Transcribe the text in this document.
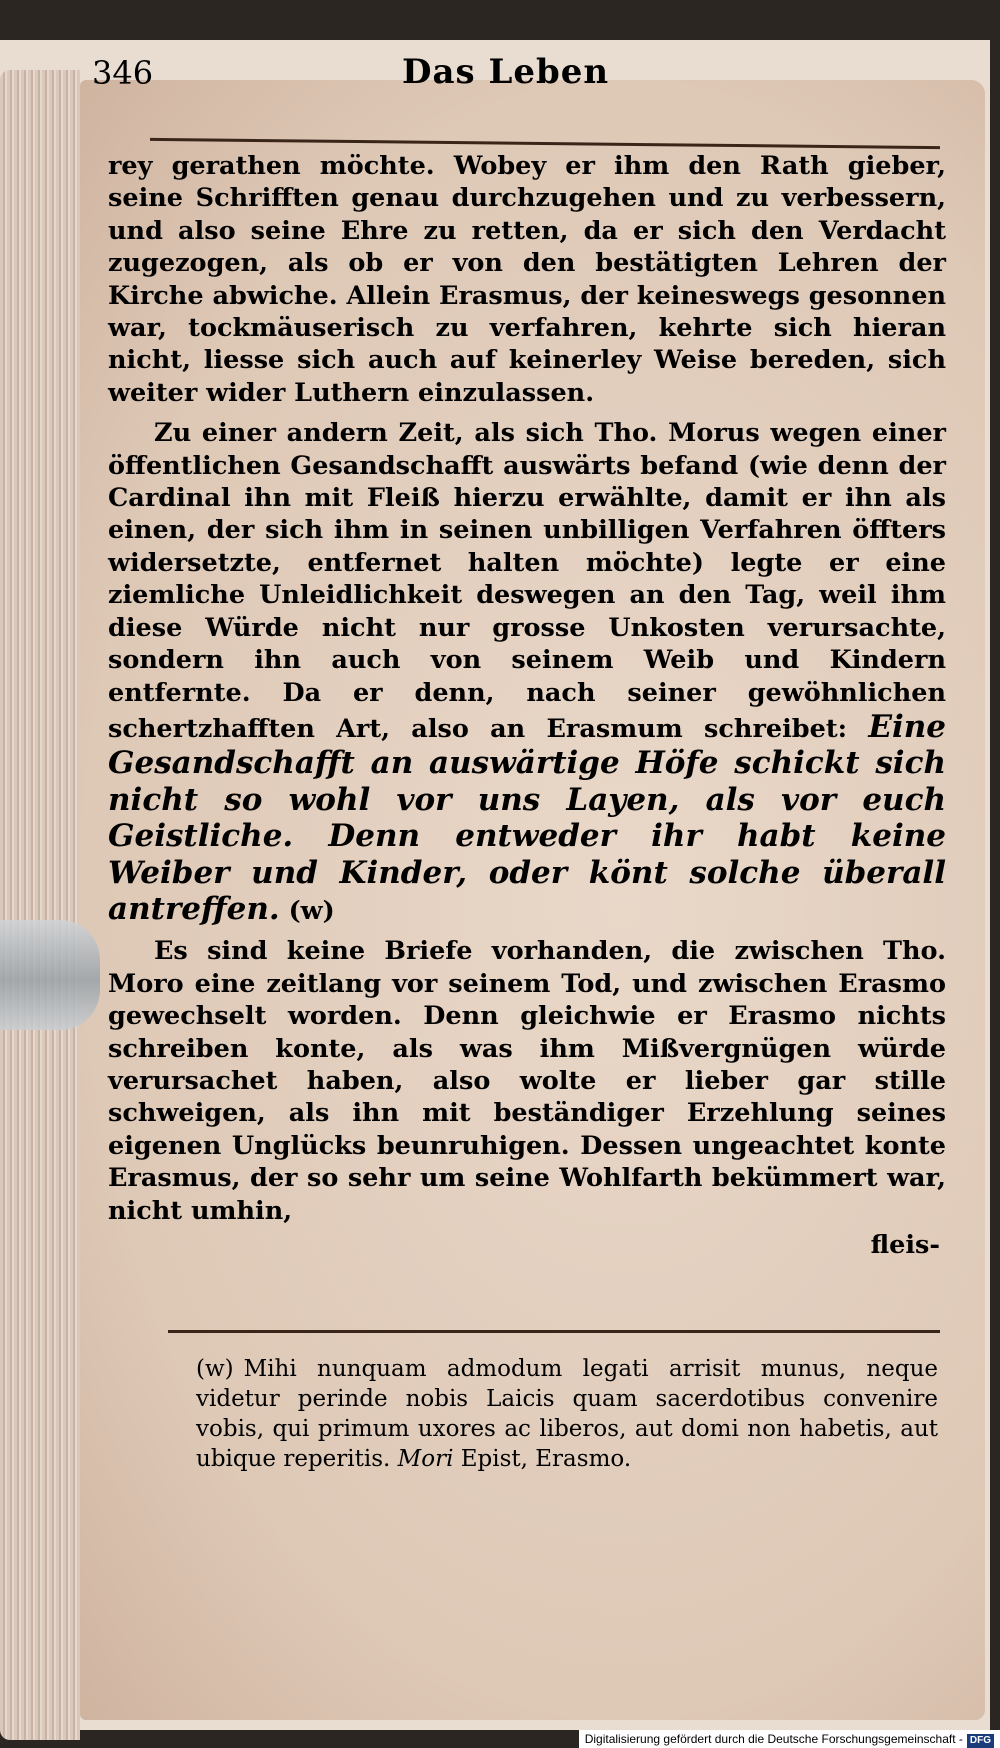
346	Das Leben

rey gerathen möchte. Wobey er ihm den Rath gieber, seine Schrifften genau durchzugehen und zu verbessern, und also seine Ehre zu retten, da er sich den Verdacht zugezogen, als ob er von den bestätigten Lehren der Kirche abwiche. Allein Erasmus, der keineswegs gesonnen war, tockmäuserisch zu verfahren, kehrte sich hieran nicht, liesse sich auch auf keinerley Weise bereden, sich weiter wider Luthern einzulassen.

Zu einer andern Zeit, als sich Tho. Morus wegen einer öffentlichen Gesandschafft auswärts befand (wie denn der Cardinal ihn mit Fleiß hierzu erwählte, damit er ihn als einen, der sich ihm in seinen unbilligen Verfahren öffters widersetzte, entfernet halten möchte) legte er eine ziemliche Unleidlichkeit deswegen an den Tag, weil ihm diese Würde nicht nur grosse Unkosten verursachte, sondern ihn auch von seinem Weib und Kindern entfernte. Da er denn, nach seiner gewöhnlichen schertzhafften Art, also an Erasmum schreibet: Eine Gesandschafft an auswärtige Höfe schickt sich nicht so wohl vor uns Layen, als vor euch Geistliche. Denn entweder ihr habt keine Weiber und Kinder, oder könt solche überall antreffen. (w)

Es sind keine Briefe vorhanden, die zwischen Tho. Moro eine zeitlang vor seinem Tod, und zwischen Erasmo gewechselt worden. Denn gleichwie er Erasmo nichts schreiben konte, als was ihm Mißvergnügen würde verursachet haben, also wolte er lieber gar stille schweigen, als ihn mit beständiger Erzehlung seines eigenen Unglücks beunruhigen. Dessen ungeachtet konte Erasmus, der so sehr um seine Wohlfarth bekümmert war, nicht umhin,

fleis-

(w) Mihi nunquam admodum legati arrisit munus, neque videtur perinde nobis Laicis quam sacerdotibus convenire vobis, qui primum uxores ac liberos, aut domi non habetis, aut ubique reperitis. Mori Epist, Erasmo.
Digitalisierung gefördert durch die Deutsche Forschungsgemeinschaft - DFG
